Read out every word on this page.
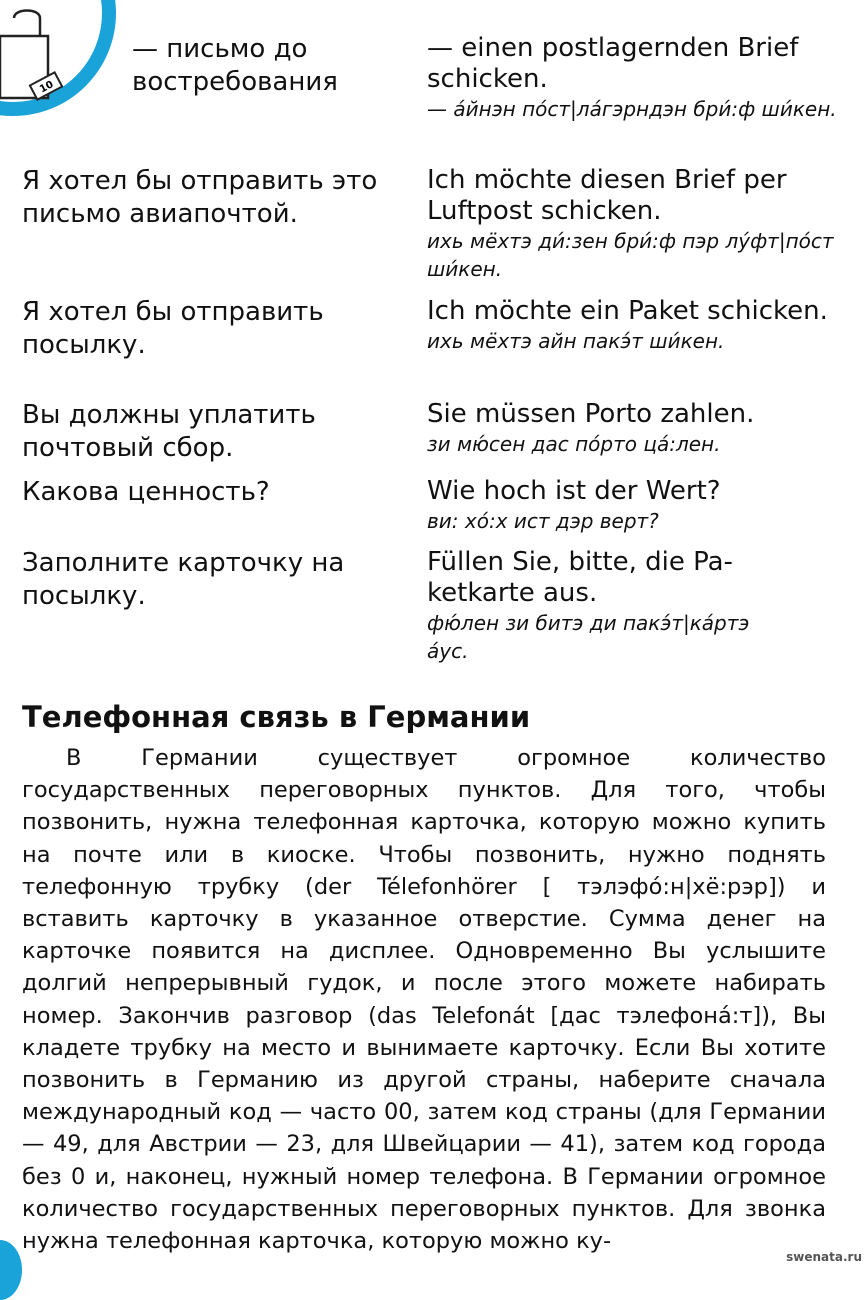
10
— письмо до востребования
— einen postlagernden Brief schicken.
— а́йнэн по́ст|ла́гэрндэн бри́:ф ши́кен.
Я хотел бы отправить это письмо авиапочтой.
Ich möchte diesen Brief per Luftpost schicken.
ихь мёхтэ ди́:зен бри́:ф пэр лу́фт|по́ст ши́кен.
Я хотел бы отправить посылку.
Ich möchte ein Paket schicken.
ихь мёхтэ айн пакэ́т ши́кен.
Вы должны уплатить почтовый сбор.
Sie müssen Porto zahlen.
зи мю́сен дас по́рто ца́:лен.
Какова ценность?	Wie hoch ist der Wert?
ви: хо́:х ист дэр верт?
Заполните карточку на посылку.
Füllen Sie, bitte, die Pa-ketkarte aus.
фю́лен зи битэ ди пакэ́т|ка́ртэ а́ус.
Телефонная связь в Германии
В Германии существует огромное количество государственных переговорных пунктов. Для того, чтобы позвонить, нужна телефонная карточка, которую можно купить на почте или в киоске. Чтобы позвонить, нужно поднять телефонную трубку (der Télefonhörer [ тэлэфо́:н|хё:рэр]) и вставить карточку в указанное отверстие. Сумма денег на карточке появится на дисплее. Одновременно Вы услышите долгий непрерывный гудок, и после этого можете набирать номер. Закончив разговор (das Telefonát [дас тэлефона́:т]), Вы кладете трубку на место и вынимаете карточку. Если Вы хотите позвонить в Германию из другой страны, наберите сначала международный код — часто 00, затем код страны (для Германии — 49, для Австрии — 23, для Швейцарии — 41), затем код города без 0 и, наконец, нужный номер телефона. В Германии огромное количество государственных переговорных пунктов. Для звонка нужна телефонная карточка, которую можно ку-
swenata.ru
